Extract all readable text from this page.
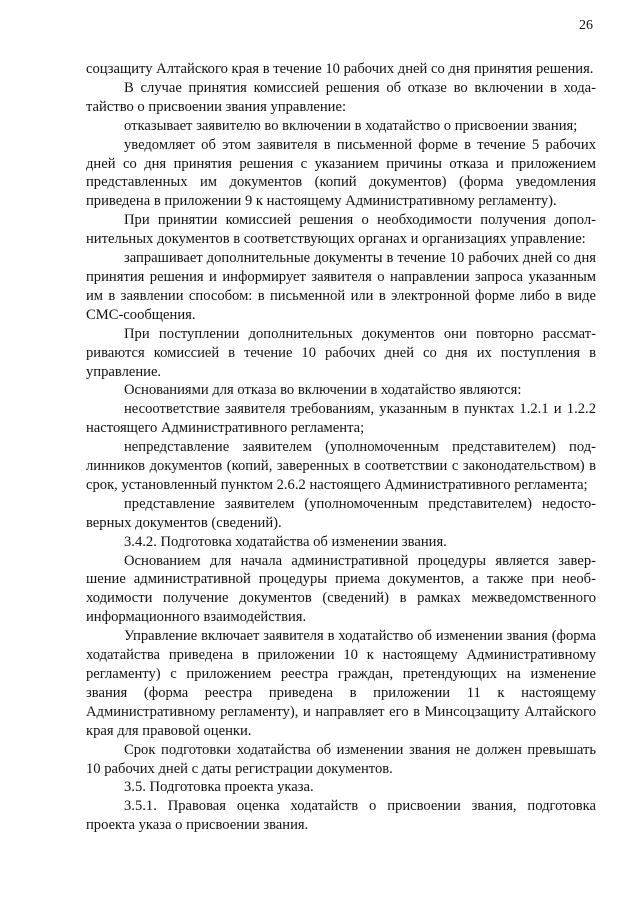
26

соцзащиту Алтайского края в течение 10 рабочих дней со дня принятия решения.

В случае принятия комиссией решения об отказе во включении в ходатайство о присвоении звания управление:

отказывает заявителю во включении в ходатайство о присвоении звания;

уведомляет об этом заявителя в письменной форме в течение 5 рабочих дней со дня принятия решения с указанием причины отказа и приложением представленных им документов (копий документов) (форма уведомления приведена в приложении 9 к настоящему Административному регламенту).

При принятии комиссией решения о необходимости получения дополнительных документов в соответствующих органах и организациях управление:

запрашивает дополнительные документы в течение 10 рабочих дней со дня принятия решения и информирует заявителя о направлении запроса указанным им в заявлении способом: в письменной или в электронной форме либо в виде СМС-сообщения.

При поступлении дополнительных документов они повторно рассматриваются комиссией в течение 10 рабочих дней со дня их поступления в управление.

Основаниями для отказа во включении в ходатайство являются:

несоответствие заявителя требованиям, указанным в пунктах 1.2.1 и 1.2.2 настоящего Административного регламента;

непредставление заявителем (уполномоченным представителем) подлинников документов (копий, заверенных в соответствии с законодательством) в срок, установленный пунктом 2.6.2 настоящего Административного регламента;

представление заявителем (уполномоченным представителем) недостоверных документов (сведений).

3.4.2. Подготовка ходатайства об изменении звания.

Основанием для начала административной процедуры является завершение административной процедуры приема документов, а также при необходимости получение документов (сведений) в рамках межведомственного информационного взаимодействия.

Управление включает заявителя в ходатайство об изменении звания (форма ходатайства приведена в приложении 10 к настоящему Административному регламенту) с приложением реестра граждан, претендующих на изменение звания (форма реестра приведена в приложении 11 к настоящему Административному регламенту), и направляет его в Минсоцзащиту Алтайского края для правовой оценки.

Срок подготовки ходатайства об изменении звания не должен превышать 10 рабочих дней с даты регистрации документов.

3.5. Подготовка проекта указа.

3.5.1. Правовая оценка ходатайств о присвоении звания, подготовка проекта указа о присвоении звания.
